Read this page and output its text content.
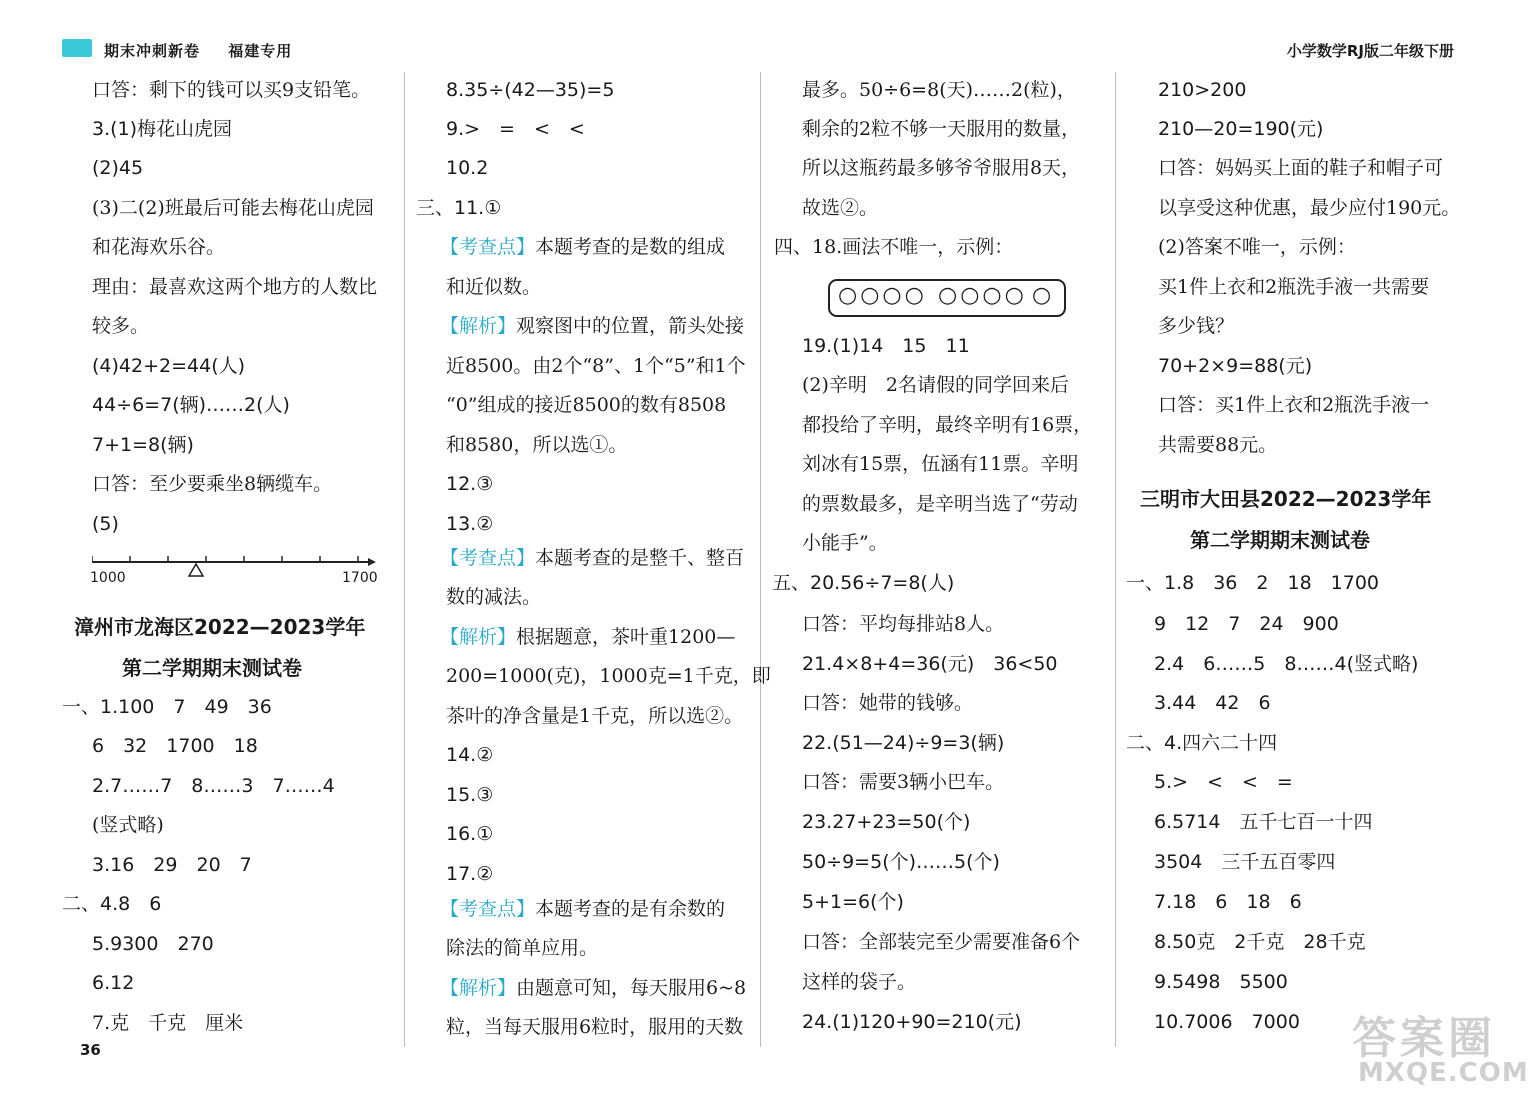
期末冲刺新卷 福建专用	小学数学RJ版二年级下册
口答：剩下的钱可以买9支铅笔。
3.(1)梅花山虎园
(2)45
(3)二(2)班最后可能去梅花山虎园
和花海欢乐谷。
理由：最喜欢这两个地方的人数比
较多。
(4)42+2=44(人)
44÷6=7(辆)……2(人)
7+1=8(辆)
口答：至少要乘坐8辆缆车。
(5)
1000	1700
漳州市龙海区2022—2023学年
第二学期期末测试卷
一、1.100　7　49　36
6　32　1700　18
2.7……7　8……3　7……4
(竖式略)
3.16　29　20　7
二、4.8　6
5.9300　270
6.12
7.克　千克　厘米
8.35÷(42—35)=5
9.>　=　<　<
10.2
三、11.①
【考查点】本题考查的是数的组成
和近似数。
【解析】观察图中的位置，箭头处接
近8500。由2个“8”、1个“5”和1个
“0”组成的接近8500的数有8508
和8580，所以选①。
12.③
13.②
【考查点】本题考查的是整千、整百
数的减法。
【解析】根据题意，茶叶重1200—
200=1000(克)，1000克=1千克，即
茶叶的净含量是1千克，所以选②。
14.②
15.③
16.①
17.②
【考查点】本题考查的是有余数的
除法的简单应用。
【解析】由题意可知，每天服用6~8
粒，当每天服用6粒时，服用的天数
最多。50÷6=8(天)……2(粒)，
剩余的2粒不够一天服用的数量，
所以这瓶药最多够爷爷服用8天，
故选②。
四、18.画法不唯一，示例：
○○○○ ○○○○ ○
19.(1)14　15　11
(2)辛明　2名请假的同学回来后
都投给了辛明，最终辛明有16票，
刘冰有15票，伍涵有11票。辛明
的票数最多，是辛明当选了“劳动
小能手”。
五、20.56÷7=8(人)
口答：平均每排站8人。
21.4×8+4=36(元)　36<50
口答：她带的钱够。
22.(51—24)÷9=3(辆)
口答：需要3辆小巴车。
23.27+23=50(个)
50÷9=5(个)……5(个)
5+1=6(个)
口答：全部装完至少需要准备6个
这样的袋子。
24.(1)120+90=210(元)
210>200
210—20=190(元)
口答：妈妈买上面的鞋子和帽子可
以享受这种优惠，最少应付190元。
(2)答案不唯一，示例：
买1件上衣和2瓶洗手液一共需要
多少钱？
70+2×9=88(元)
口答：买1件上衣和2瓶洗手液一
共需要88元。
三明市大田县2022—2023学年
第二学期期末测试卷
一、1.8　36　2　18　1700
9　12　7　24　900
2.4　6……5　8……4(竖式略)
3.44　42　6
二、4.四六二十四
5.>　<　<　=
6.5714　五千七百一十四
3504　三千五百零四
7.18　6　18　6
8.50克　2千克　28千克
9.5498　5500
10.7006　7000
36	答案圈
MXQE.COM
